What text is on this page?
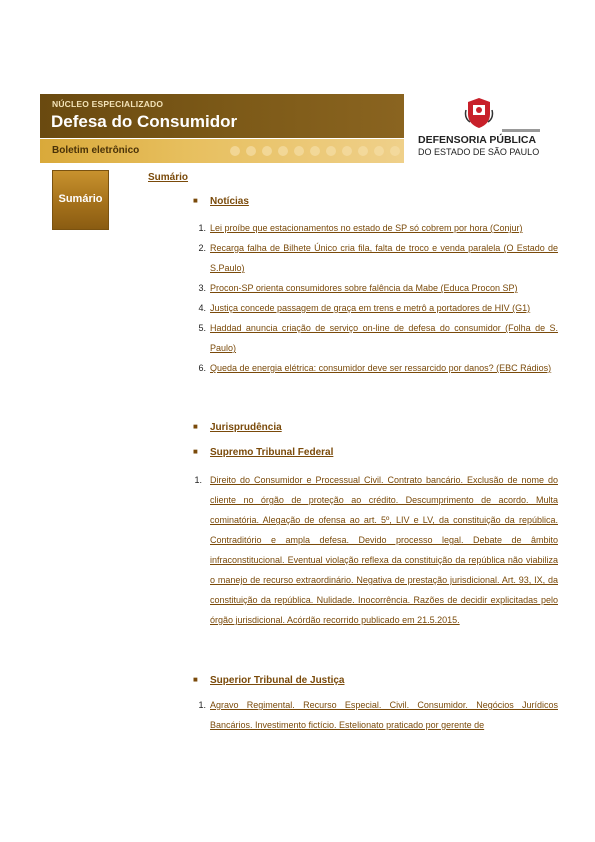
NÚCLEO ESPECIALIZADO
Defesa do Consumidor
Boletim eletrônico
DEFENSORIA PÚBLICA
DO ESTADO DE SÃO PAULO
Sumário
Sumário
■ Notícias
1. Lei proíbe que estacionamentos no estado de SP só cobrem por hora (Conjur)
2. Recarga falha de Bilhete Único cria fila, falta de troco e venda paralela (O Estado de S.Paulo)
3. Procon-SP orienta consumidores sobre falência da Mabe (Educa Procon SP)
4. Justiça concede passagem de graça em trens e metrô a portadores de HIV (G1)
5. Haddad anuncia criação de serviço on-line de defesa do consumidor (Folha de S. Paulo)
6. Queda de energia elétrica: consumidor deve ser ressarcido por danos? (EBC Rádios)
■ Jurisprudência
■ Supremo Tribunal Federal
1. Direito do Consumidor e Processual Civil. Contrato bancário. Exclusão de nome do cliente no órgão de proteção ao crédito. Descumprimento de acordo. Multa cominatória. Alegação de ofensa ao art. 5º, LIV e LV, da constituição da república. Contraditório e ampla defesa. Devido processo legal. Debate de âmbito infraconstitucional. Eventual violação reflexa da constituição da república não viabiliza o manejo de recurso extraordinário. Negativa de prestação jurisdicional. Art. 93, IX, da constituição da república. Nulidade. Inocorrência. Razões de decidir explicitadas pelo órgão jurisdicional. Acórdão recorrido publicado em 21.5.2015.
■ Superior Tribunal de Justiça
1. Agravo Regimental. Recurso Especial. Civil. Consumidor. Negócios Jurídicos Bancários. Investimento fictício. Estelionato praticado por gerente de
